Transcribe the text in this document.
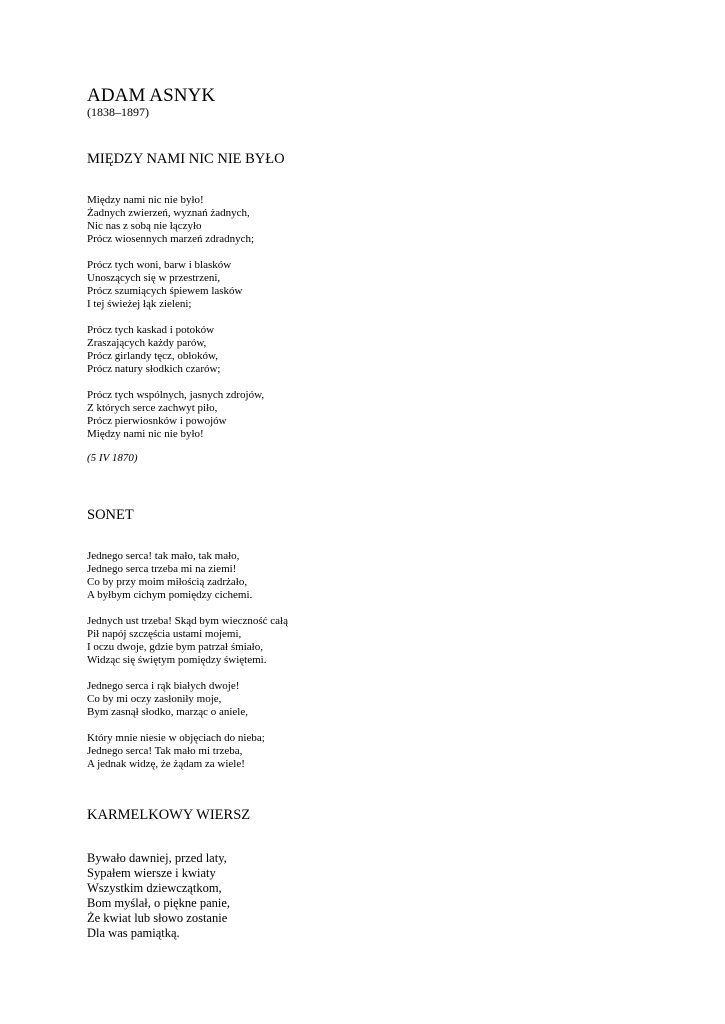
ADAM ASNYK
(1838–1897)
MIĘDZY NAMI NIC NIE BYŁO
Między nami nic nie było!
Żadnych zwierzeń, wyznań żadnych,
Nic nas z sobą nie łączyło
Prócz wiosennych marzeń zdradnych;
Prócz tych woni, barw i blasków
Unoszących się w przestrzeni,
Prócz szumiących śpiewem lasków
I tej świeżej łąk zieleni;
Prócz tych kaskad i potoków
Zraszających każdy parów,
Prócz girlandy tęcz, obłoków,
Prócz natury słodkich czarów;
Prócz tych wspólnych, jasnych zdrojów,
Z których serce zachwyt piło,
Prócz pierwiosnków i powojów
Między nami nic nie było!
(5 IV 1870)
SONET
Jednego serca! tak mało, tak mało,
Jednego serca trzeba mi na ziemi!
Co by przy moim miłością zadrżało,
A byłbym cichym pomiędzy cichemi.
Jednych ust trzeba! Skąd bym wieczność całą
Pił napój szczęścia ustami mojemi,
I oczu dwoje, gdzie bym patrzał śmiało,
Widząc się świętym pomiędzy świętemi.
Jednego serca i rąk białych dwoje!
Co by mi oczy zasłoniły moje,
Bym zasnął słodko, marząc o aniele,
Który mnie niesie w objęciach do nieba;
Jednego serca! Tak mało mi trzeba,
A jednak widzę, że żądam za wiele!
KARMELKOWY WIERSZ
Bywało dawniej, przed laty,
Sypałem wiersze i kwiaty
Wszystkim dziewczątkom,
Bom myślał, o piękne panie,
Że kwiat lub słowo zostanie
Dla was pamiątką.
